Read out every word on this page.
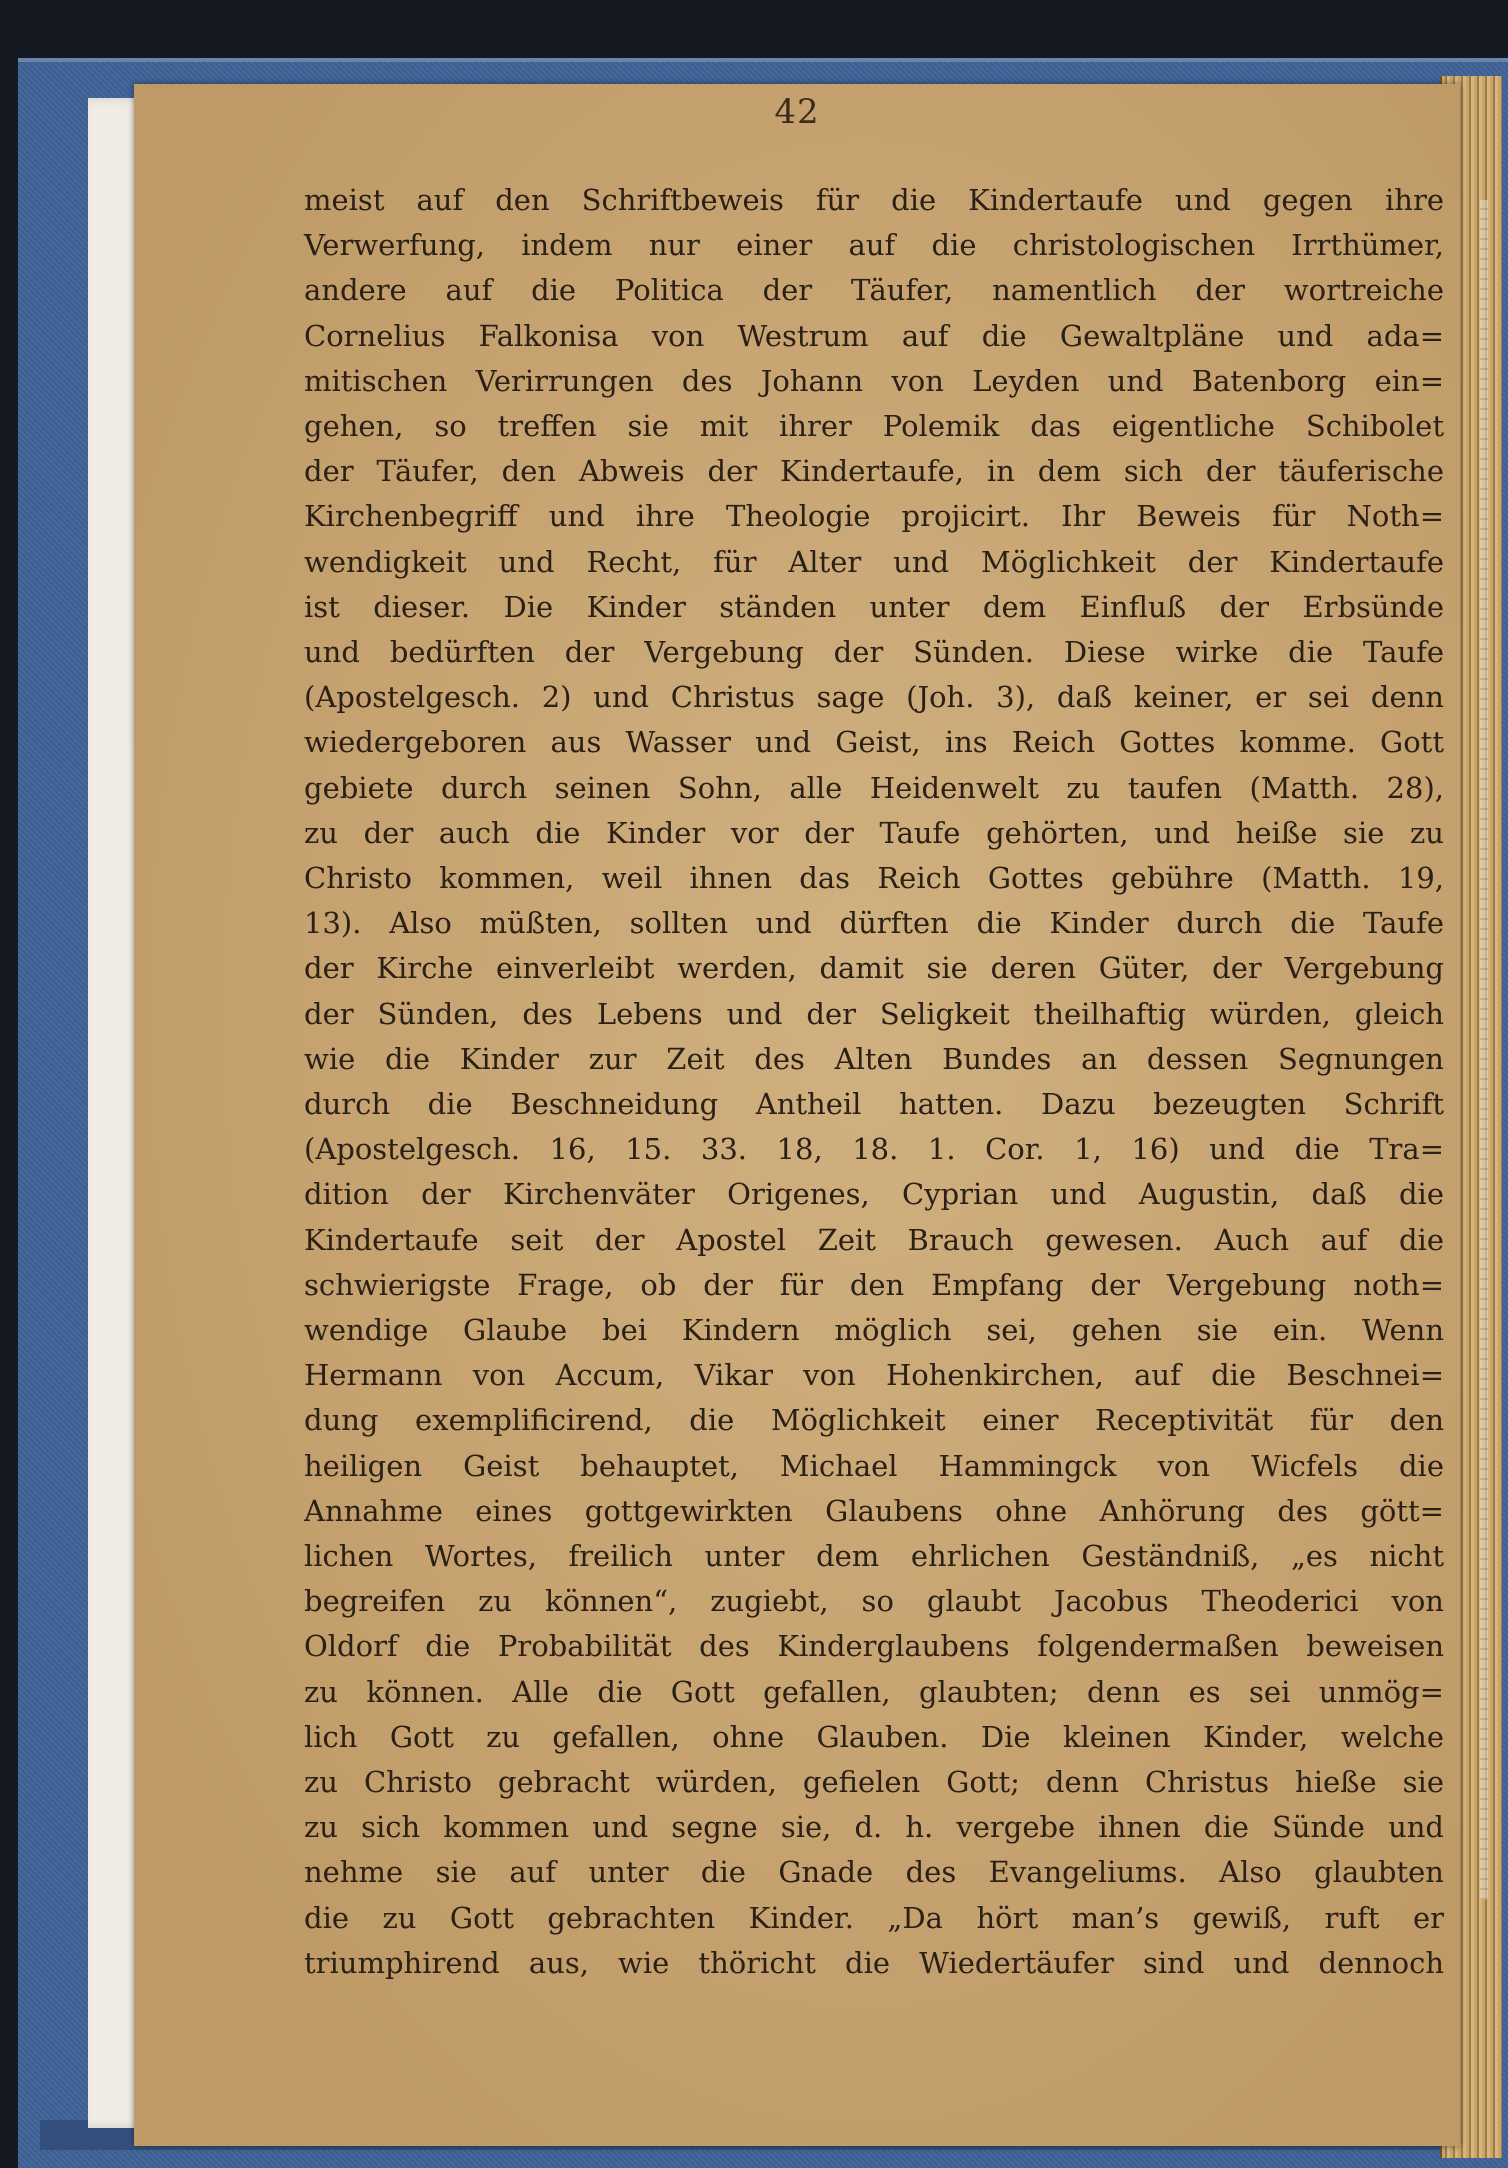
42
meist auf den Schriftbeweis für die Kindertaufe und gegen ihre
Verwerfung, indem nur einer auf die christologischen Irrthümer,
andere auf die Politica der Täufer, namentlich der wortreiche
Cornelius Falkonisa von Westrum auf die Gewaltpläne und ada=
mitischen Verirrungen des Johann von Leyden und Batenborg ein=
gehen, so treffen sie mit ihrer Polemik das eigentliche Schibolet
der Täufer, den Abweis der Kindertaufe, in dem sich der täuferische
Kirchenbegriff und ihre Theologie projicirt. Ihr Beweis für Noth=
wendigkeit und Recht, für Alter und Möglichkeit der Kindertaufe
ist dieser. Die Kinder ständen unter dem Einfluß der Erbsünde
und bedürften der Vergebung der Sünden. Diese wirke die Taufe
(Apostelgesch. 2) und Christus sage (Joh. 3), daß keiner, er sei denn
wiedergeboren aus Wasser und Geist, ins Reich Gottes komme. Gott
gebiete durch seinen Sohn, alle Heidenwelt zu taufen (Matth. 28),
zu der auch die Kinder vor der Taufe gehörten, und heiße sie zu
Christo kommen, weil ihnen das Reich Gottes gebühre (Matth. 19,
13). Also müßten, sollten und dürften die Kinder durch die Taufe
der Kirche einverleibt werden, damit sie deren Güter, der Vergebung
der Sünden, des Lebens und der Seligkeit theilhaftig würden, gleich
wie die Kinder zur Zeit des Alten Bundes an dessen Segnungen
durch die Beschneidung Antheil hatten. Dazu bezeugten Schrift
(Apostelgesch. 16, 15. 33. 18, 18. 1. Cor. 1, 16) und die Tra=
dition der Kirchenväter Origenes, Cyprian und Augustin, daß die
Kindertaufe seit der Apostel Zeit Brauch gewesen. Auch auf die
schwierigste Frage, ob der für den Empfang der Vergebung noth=
wendige Glaube bei Kindern möglich sei, gehen sie ein. Wenn
Hermann von Accum, Vikar von Hohenkirchen, auf die Beschnei=
dung exemplificirend, die Möglichkeit einer Receptivität für den
heiligen Geist behauptet, Michael Hammingck von Wicfels die
Annahme eines gottgewirkten Glaubens ohne Anhörung des gött=
lichen Wortes, freilich unter dem ehrlichen Geständniß, „es nicht
begreifen zu können“, zugiebt, so glaubt Jacobus Theoderici von
Oldorf die Probabilität des Kinderglaubens folgendermaßen beweisen
zu können. Alle die Gott gefallen, glaubten; denn es sei unmög=
lich Gott zu gefallen, ohne Glauben. Die kleinen Kinder, welche
zu Christo gebracht würden, gefielen Gott; denn Christus hieße sie
zu sich kommen und segne sie, d. h. vergebe ihnen die Sünde und
nehme sie auf unter die Gnade des Evangeliums. Also glaubten
die zu Gott gebrachten Kinder. „Da hört man’s gewiß, ruft er
triumphirend aus, wie thöricht die Wiedertäufer sind und dennoch
